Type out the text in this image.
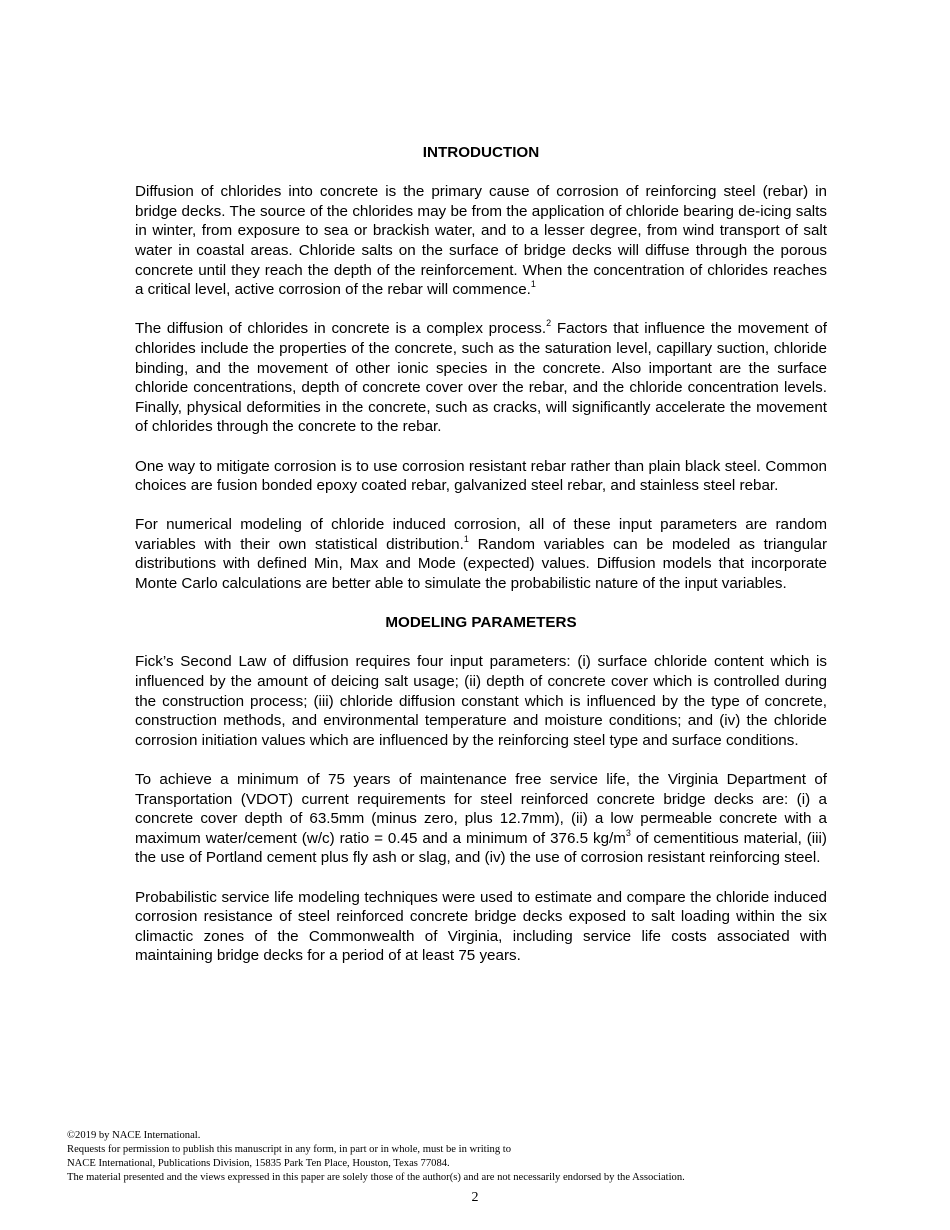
INTRODUCTION

Diffusion of chlorides into concrete is the primary cause of corrosion of reinforcing steel (rebar) in bridge decks. The source of the chlorides may be from the application of chloride bearing de-icing salts in winter, from exposure to sea or brackish water, and to a lesser degree, from wind transport of salt water in coastal areas. Chloride salts on the surface of bridge decks will diffuse through the porous concrete until they reach the depth of the reinforcement. When the concentration of chlorides reaches a critical level, active corrosion of the rebar will commence.$^1$

The diffusion of chlorides in concrete is a complex process.$^2$ Factors that influence the movement of chlorides include the properties of the concrete, such as the saturation level, capillary suction, chloride binding, and the movement of other ionic species in the concrete. Also important are the surface chloride concentrations, depth of concrete cover over the rebar, and the chloride concentration levels. Finally, physical deformities in the concrete, such as cracks, will significantly accelerate the movement of chlorides through the concrete to the rebar.

One way to mitigate corrosion is to use corrosion resistant rebar rather than plain black steel. Common choices are fusion bonded epoxy coated rebar, galvanized steel rebar, and stainless steel rebar.

For numerical modeling of chloride induced corrosion, all of these input parameters are random variables with their own statistical distribution.$^1$ Random variables can be modeled as triangular distributions with defined Min, Max and Mode (expected) values. Diffusion models that incorporate Monte Carlo calculations are better able to simulate the probabilistic nature of the input variables.

MODELING PARAMETERS

Fick’s Second Law of diffusion requires four input parameters: (i) surface chloride content which is influenced by the amount of deicing salt usage; (ii) depth of concrete cover which is controlled during the construction process; (iii) chloride diffusion constant which is influenced by the type of concrete, construction methods, and environmental temperature and moisture conditions; and (iv) the chloride corrosion initiation values which are influenced by the reinforcing steel type and surface conditions.

To achieve a minimum of 75 years of maintenance free service life, the Virginia Department of Transportation (VDOT) current requirements for steel reinforced concrete bridge decks are: (i) a concrete cover depth of 63.5mm (minus zero, plus 12.7mm), (ii) a low permeable concrete with a maximum water/cement (w/c) ratio = 0.45 and a minimum of 376.5 $kg/m^3$ of cementitious material, (iii) the use of Portland cement plus fly ash or slag, and (iv) the use of corrosion resistant reinforcing steel.

Probabilistic service life modeling techniques were used to estimate and compare the chloride induced corrosion resistance of steel reinforced concrete bridge decks exposed to salt loading within the six climactic zones of the Commonwealth of Virginia, including service life costs associated with maintaining bridge decks for a period of at least 75 years.

©2019 by NACE International.
Requests for permission to publish this manuscript in any form, in part or in whole, must be in writing to
NACE International, Publications Division, 15835 Park Ten Place, Houston, Texas 77084.
The material presented and the views expressed in this paper are solely those of the author(s) and are not necessarily endorsed by the Association.
2
